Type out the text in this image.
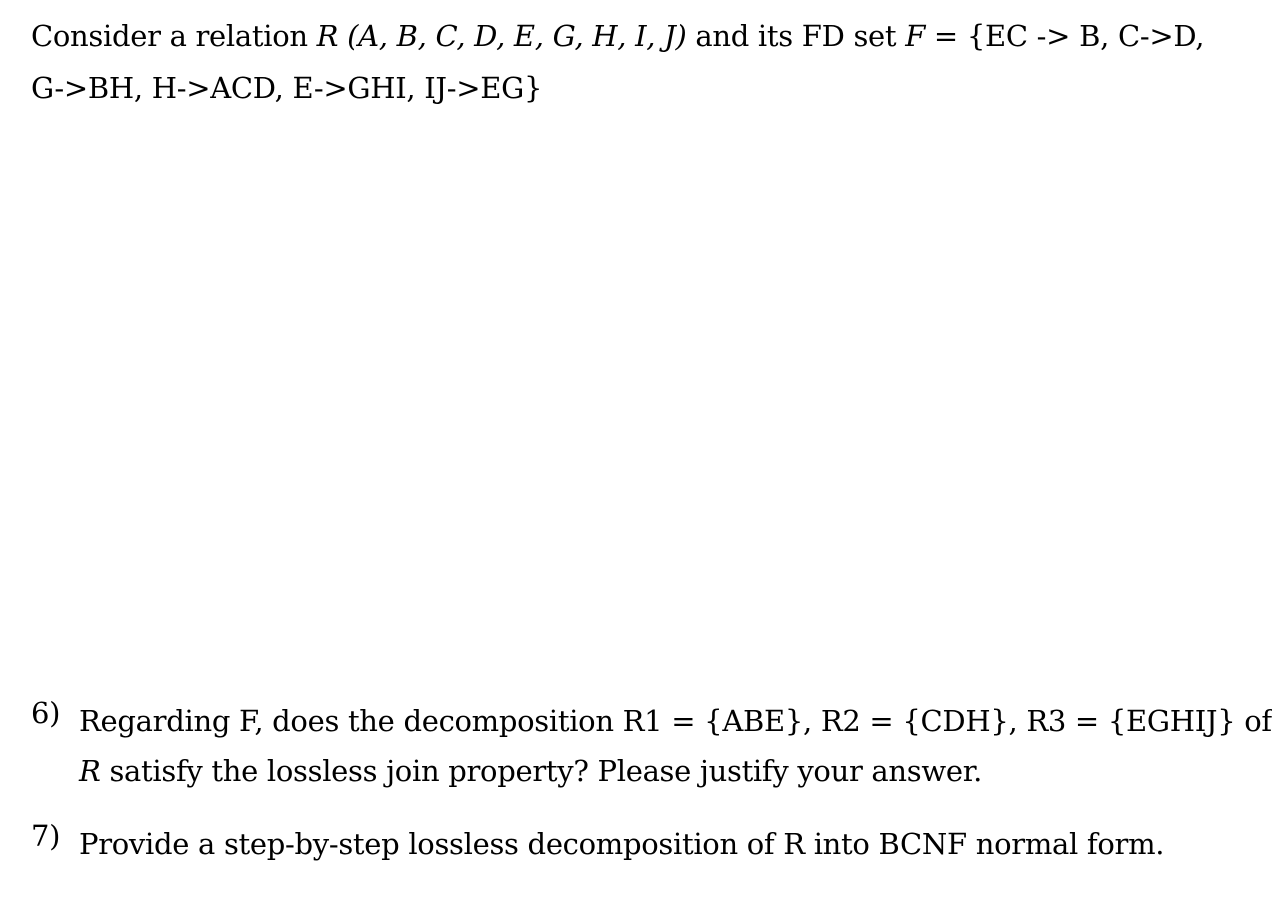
Consider a relation R (A, B, C, D, E, G, H, I, J) and its FD set F = {EC -> B, C->D,
G->BH, H->ACD, E->GHI, IJ->EG}
6) Regarding F, does the decomposition R1 = {ABE}, R2 = {CDH}, R3 = {EGHIJ} of
R satisfy the lossless join property? Please justify your answer.
7) Provide a step-by-step lossless decomposition of R into BCNF normal form.
